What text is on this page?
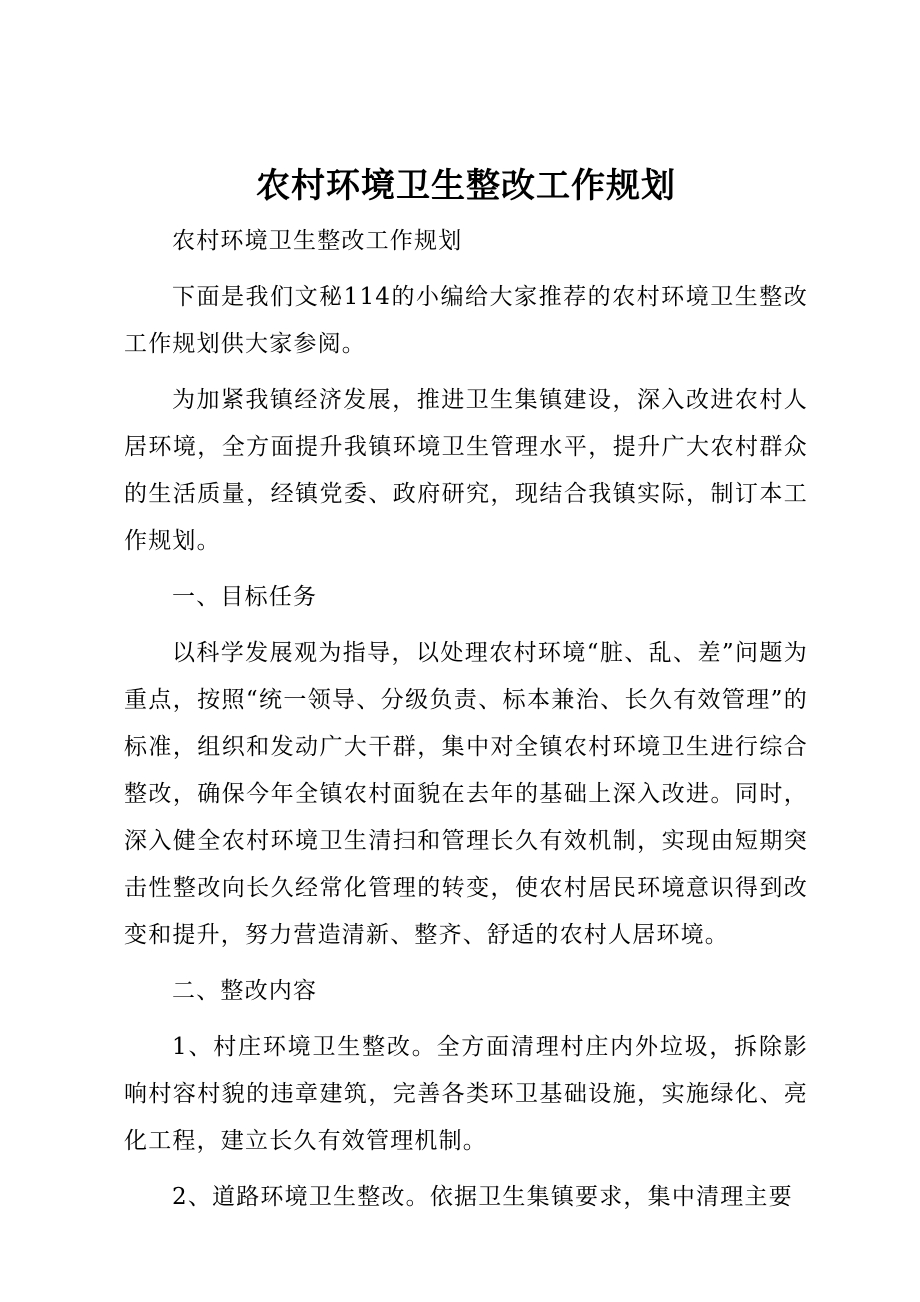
农村环境卫生整改工作规划

农村环境卫生整改工作规划

下面是我们文秘114的小编给大家推荐的农村环境卫生整改工作规划供大家参阅。

为加紧我镇经济发展，推进卫生集镇建设，深入改进农村人居环境，全方面提升我镇环境卫生管理水平，提升广大农村群众的生活质量，经镇党委、政府研究，现结合我镇实际，制订本工作规划。

一、目标任务

以科学发展观为指导，以处理农村环境“脏、乱、差”问题为重点，按照“统一领导、分级负责、标本兼治、长久有效管理”的标准，组织和发动广大干群，集中对全镇农村环境卫生进行综合整改，确保今年全镇农村面貌在去年的基础上深入改进。同时，深入健全农村环境卫生清扫和管理长久有效机制，实现由短期突击性整改向长久经常化管理的转变，使农村居民环境意识得到改变和提升，努力营造清新、整齐、舒适的农村人居环境。

二、整改内容

1、村庄环境卫生整改。全方面清理村庄内外垃圾，拆除影响村容村貌的违章建筑，完善各类环卫基础设施，实施绿化、亮化工程，建立长久有效管理机制。

2、道路环境卫生整改。依据卫生集镇要求，集中清理主要
